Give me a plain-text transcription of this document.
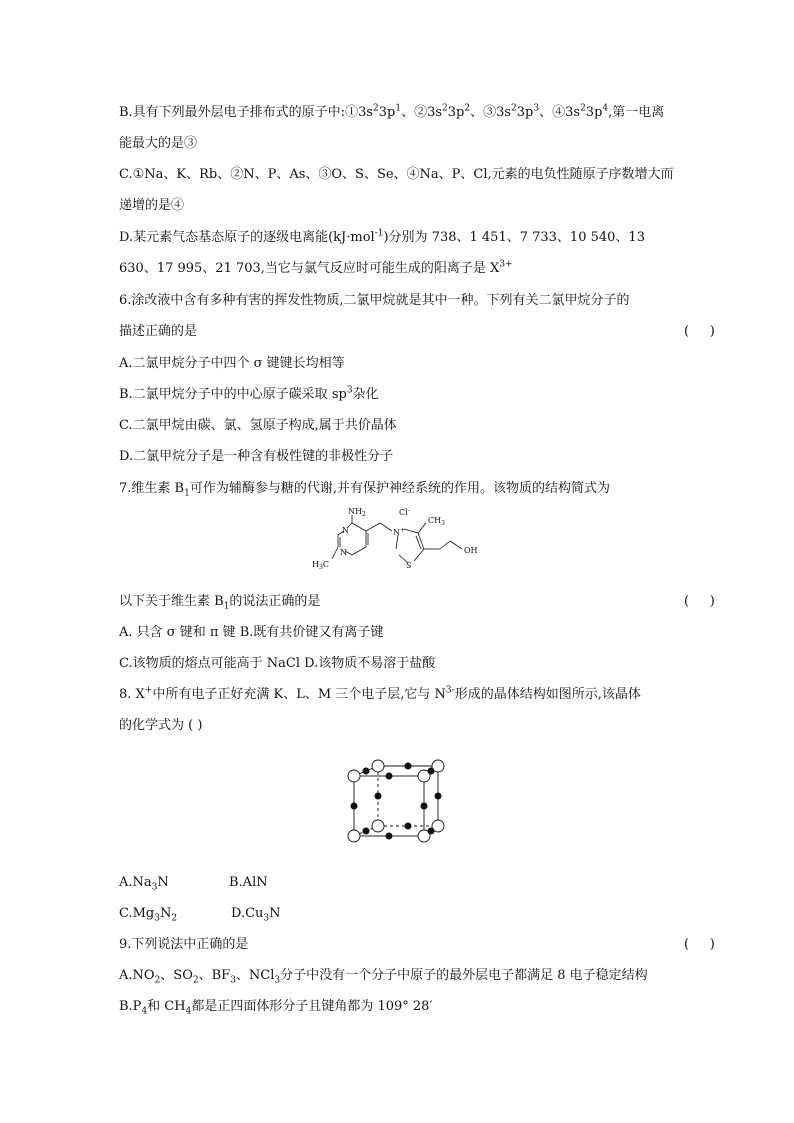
B.具有下列最外层电子排布式的原子中$:①3s^23p^1$、$②3s^23p^2$、$③3s^23p^3$、$④3s^23p^4$,第一电离
能最大的是③
C.①Na、K、Rb、②N、P、As、③O、S、Se、④Na、P、Cl,元素的电负性随原子序数增大而
递增的是④
D.某元素气态基态原子的逐级电离能(kJ·mol$^{-1}$)分别为 738、1 451、7 733、10 540、13
630、17 995、21 703,当它与氯气反应时可能生成的阳离子是 $X^{3+}$
6.涂改液中含有多种有害的挥发性物质,二氯甲烷就是其中一种。下列有关二氯甲烷分子的
描述正确的是	(     )
A.二氯甲烷分子中四个 σ 键键长均相等
B.二氯甲烷分子中的中心原子碳采取 $sp^3$杂化
C.二氯甲烷由碳、氯、氢原子构成,属于共价晶体
D.二氯甲烷分子是一种含有极性键的非极性分子
7.维生素 $B_1$可作为辅酶参与糖的代谢,并有保护神经系统的作用。该物质的结构简式为
$NH_2$	Cl-
$CH_3$
N
N
N+
S
OH
$H_3C$
以下关于维生素 $B_1$的说法正确的是	(     )
A. 只含 σ 键和 π 键 B.既有共价键又有离子键
C.该物质的熔点可能高于 NaCl D.该物质不易溶于盐酸
8. X+中所有电子正好充满 K、L、M 三个电子层,它与 $N^{3-}$形成的晶体结构如图所示,该晶体
的化学式为 ( )
$A.Na_3N$	B.AlN
$C.Mg_3N_2$	$D.Cu_3N$
9.下列说法中正确的是	(     )
$A.NO_2$、$SO_2$、$BF_3$、NCl$_3$分子中没有一个分子中原子的最外层电子都满足 8 电子稳定结构
$B.P_4$和 $CH_4$都是正四面体形分子且键角都为 109° 28′
